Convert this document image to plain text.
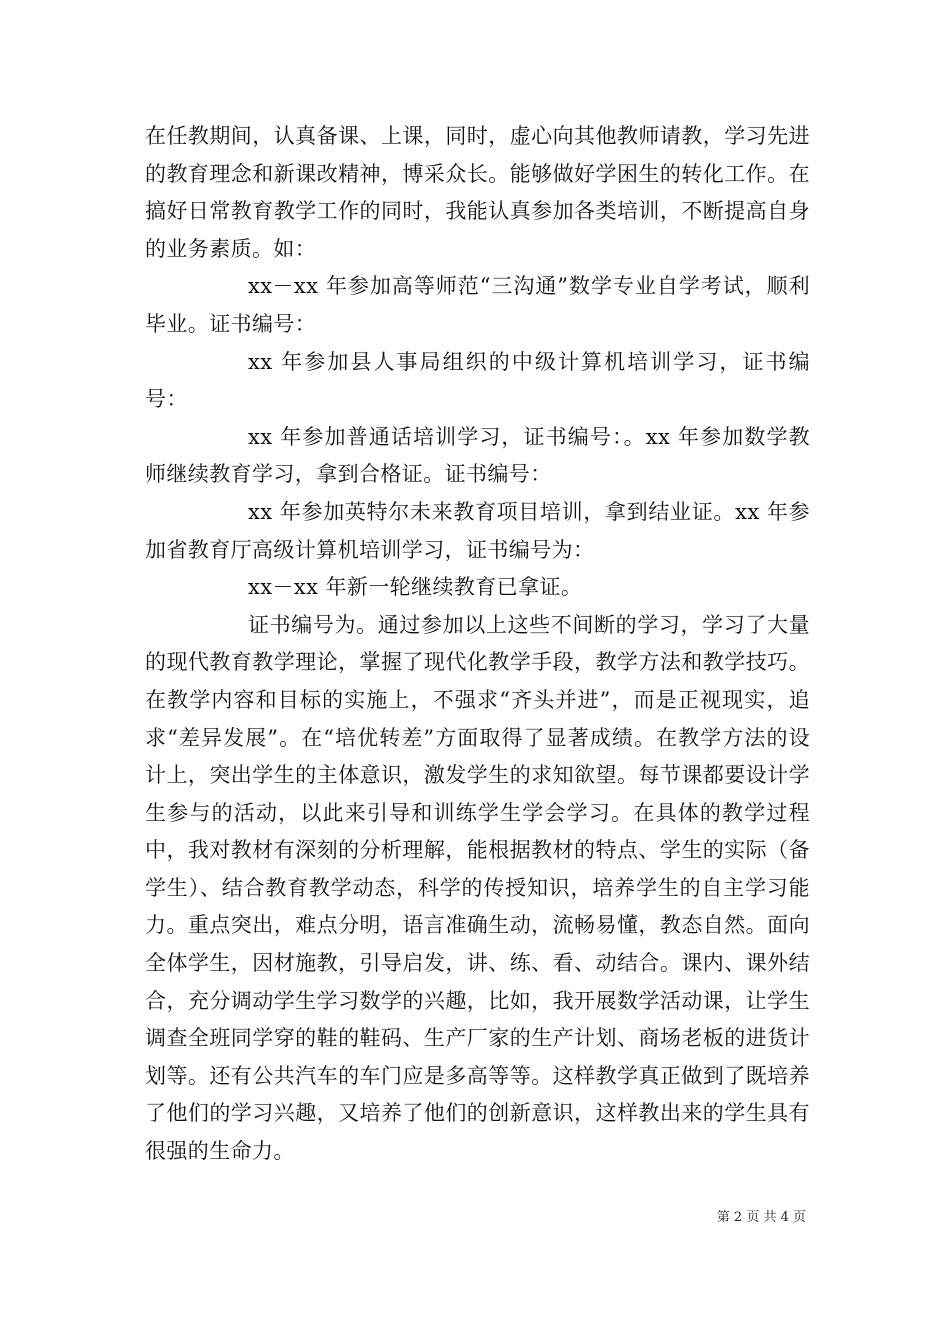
在任教期间，认真备课、上课，同时，虚心向其他教师请教，学习先进的教育理念和新课改精神，博采众长。能够做好学困生的转化工作。在搞好日常教育教学工作的同时，我能认真参加各类培训，不断提高自身的业务素质。如：

xx－xx 年参加高等师范“三沟通”数学专业自学考试，顺利毕业。证书编号：

xx 年参加县人事局组织的中级计算机培训学习，证书编号：

xx 年参加普通话培训学习，证书编号：。xx 年参加数学教师继续教育学习，拿到合格证。证书编号：

xx 年参加英特尔未来教育项目培训，拿到结业证。xx 年参加省教育厅高级计算机培训学习，证书编号为：

xx－xx 年新一轮继续教育已拿证。

证书编号为。通过参加以上这些不间断的学习，学习了大量的现代教育教学理论，掌握了现代化教学手段，教学方法和教学技巧。在教学内容和目标的实施上，不强求“齐头并进”，而是正视现实，追求“差异发展”。在“培优转差”方面取得了显著成绩。在教学方法的设计上，突出学生的主体意识，激发学生的求知欲望。每节课都要设计学生参与的活动，以此来引导和训练学生学会学习。在具体的教学过程中，我对教材有深刻的分析理解，能根据教材的特点、学生的实际（备学生）、结合教育教学动态，科学的传授知识，培养学生的自主学习能力。重点突出，难点分明，语言准确生动，流畅易懂，教态自然。面向全体学生，因材施教，引导启发，讲、练、看、动结合。课内、课外结合，充分调动学生学习数学的兴趣，比如，我开展数学活动课，让学生调查全班同学穿的鞋的鞋码、生产厂家的生产计划、商场老板的进货计划等。还有公共汽车的车门应是多高等等。这样教学真正做到了既培养了他们的学习兴趣，又培养了他们的创新意识，这样教出来的学生具有很强的生命力。

第 2 页 共 4 页
